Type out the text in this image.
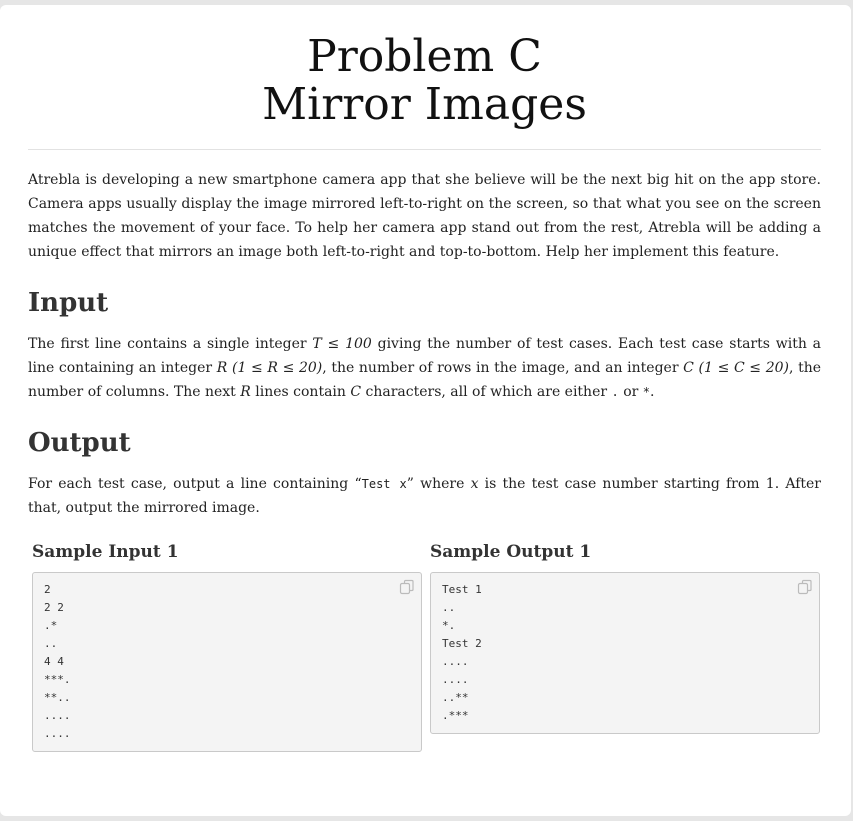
Problem C
Mirror Images

Atrebla is developing a new smartphone camera app that she believe will be the next big hit on the app store. Camera apps usually display the image mirrored left-to-right on the screen, so that what you see on the screen matches the movement of your face. To help her camera app stand out from the rest, Atrebla will be adding a unique effect that mirrors an image both left-to-right and top-to-bottom. Help her implement this feature.

Input

The first line contains a single integer T ≤ 100 giving the number of test cases. Each test case starts with a line containing an integer R (1 ≤ R ≤ 20), the number of rows in the image, and an integer C (1 ≤ C ≤ 20), the number of columns. The next R lines contain C characters, all of which are either . or *.

Output

For each test case, output a line containing “Test x” where x is the test case number starting from 1. After that, output the mirrored image.

Sample Input 1
2
2 2
.*
..
4 4
***.
**..
....
....
Sample Output 1
Test 1
..
*.
Test 2
....
....
..**
.***
